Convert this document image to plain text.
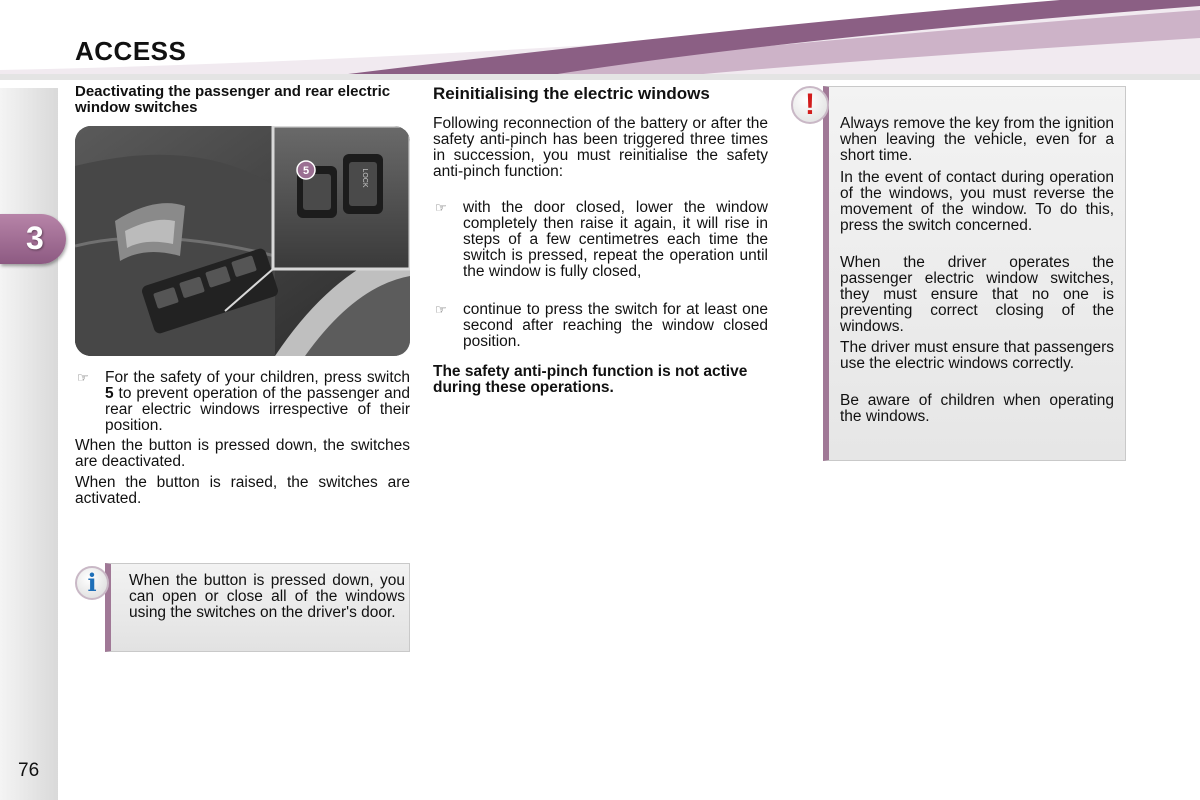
ACCESS
3
76
Deactivating the passenger and rear electric window switches
5	LOCK
☞	For the safety of your children, press switch 5 to prevent operation of the passenger and rear electric windows irrespective of their position.
When the button is pressed down, the switches are deactivated.
When the button is raised, the switches are activated.
When the button is pressed down, you can open or close all of the windows using the switches on the driver's door.
i
Reinitialising the electric windows
Following reconnection of the battery or after the safety anti-pinch has been triggered three times in succession, you must reinitialise the safety anti-pinch function:
☞	with the door closed, lower the window completely then raise it again, it will rise in steps of a few centimetres each time the switch is pressed, repeat the operation until the window is fully closed,
☞	continue to press the switch for at least one second after reaching the window closed position.
The safety anti-pinch function is not active during these operations.
!
Always remove the key from the ignition when leaving the vehicle, even for a short time.
In the event of contact during operation of the windows, you must reverse the movement of the window. To do this, press the switch concerned.
When the driver operates the passenger electric window switches, they must ensure that no one is preventing correct closing of the windows.
The driver must ensure that passengers use the electric windows correctly.
Be aware of children when operating the windows.
